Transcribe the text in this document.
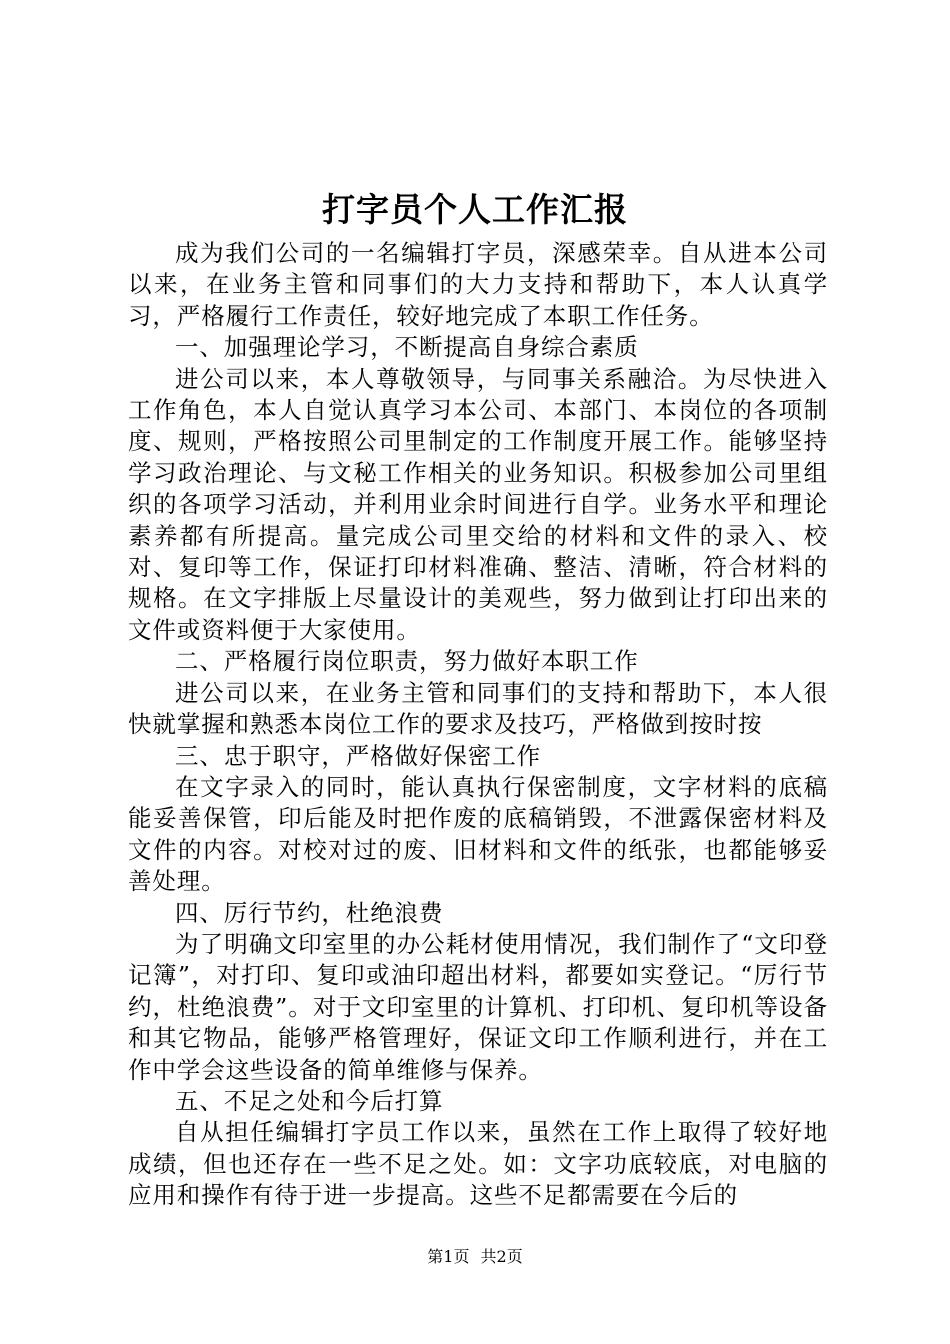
打字员个人工作汇报

成为我们公司的一名编辑打字员，深感荣幸。自从进本公司以来，在业务主管和同事们的大力支持和帮助下，本人认真学习，严格履行工作责任，较好地完成了本职工作任务。

一、加强理论学习，不断提高自身综合素质

进公司以来，本人尊敬领导，与同事关系融洽。为尽快进入工作角色，本人自觉认真学习本公司、本部门、本岗位的各项制度、规则，严格按照公司里制定的工作制度开展工作。能够坚持学习政治理论、与文秘工作相关的业务知识。积极参加公司里组织的各项学习活动，并利用业余时间进行自学。业务水平和理论素养都有所提高。量完成公司里交给的材料和文件的录入、校对、复印等工作，保证打印材料准确、整洁、清晰，符合材料的规格。在文字排版上尽量设计的美观些，努力做到让打印出来的文件或资料便于大家使用。

二、严格履行岗位职责，努力做好本职工作

进公司以来，在业务主管和同事们的支持和帮助下，本人很快就掌握和熟悉本岗位工作的要求及技巧，严格做到按时按

三、忠于职守，严格做好保密工作

在文字录入的同时，能认真执行保密制度，文字材料的底稿能妥善保管，印后能及时把作废的底稿销毁，不泄露保密材料及文件的内容。对校对过的废、旧材料和文件的纸张，也都能够妥善处理。

四、厉行节约，杜绝浪费

为了明确文印室里的办公耗材使用情况，我们制作了“文印登记簿”，对打印、复印或油印超出材料，都要如实登记。“厉行节约，杜绝浪费”。对于文印室里的计算机、打印机、复印机等设备和其它物品，能够严格管理好，保证文印工作顺利进行，并在工作中学会这些设备的简单维修与保养。

五、不足之处和今后打算

自从担任编辑打字员工作以来，虽然在工作上取得了较好地成绩，但也还存在一些不足之处。如：文字功底较底，对电脑的应用和操作有待于进一步提高。这些不足都需要在今后的

第1页 共2页
